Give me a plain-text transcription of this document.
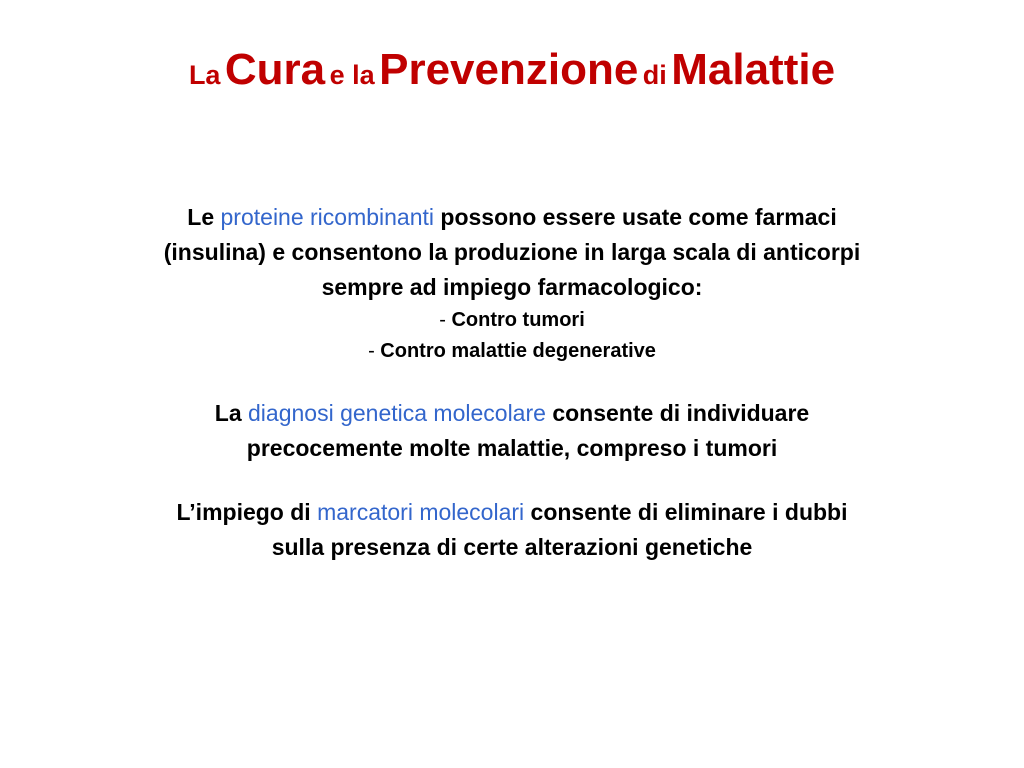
La Cura e la Prevenzione di Malattie

Le proteine ricombinanti possono essere usate come farmaci
(insulina) e consentono la produzione in larga scala di anticorpi
sempre ad impiego farmacologico:

- Contro tumori
- Contro malattie degenerative

La diagnosi genetica molecolare consente di individuare
precocemente molte malattie, compreso i tumori

L’impiego di marcatori molecolari consente di eliminare i dubbi
sulla presenza di certe alterazioni genetiche
